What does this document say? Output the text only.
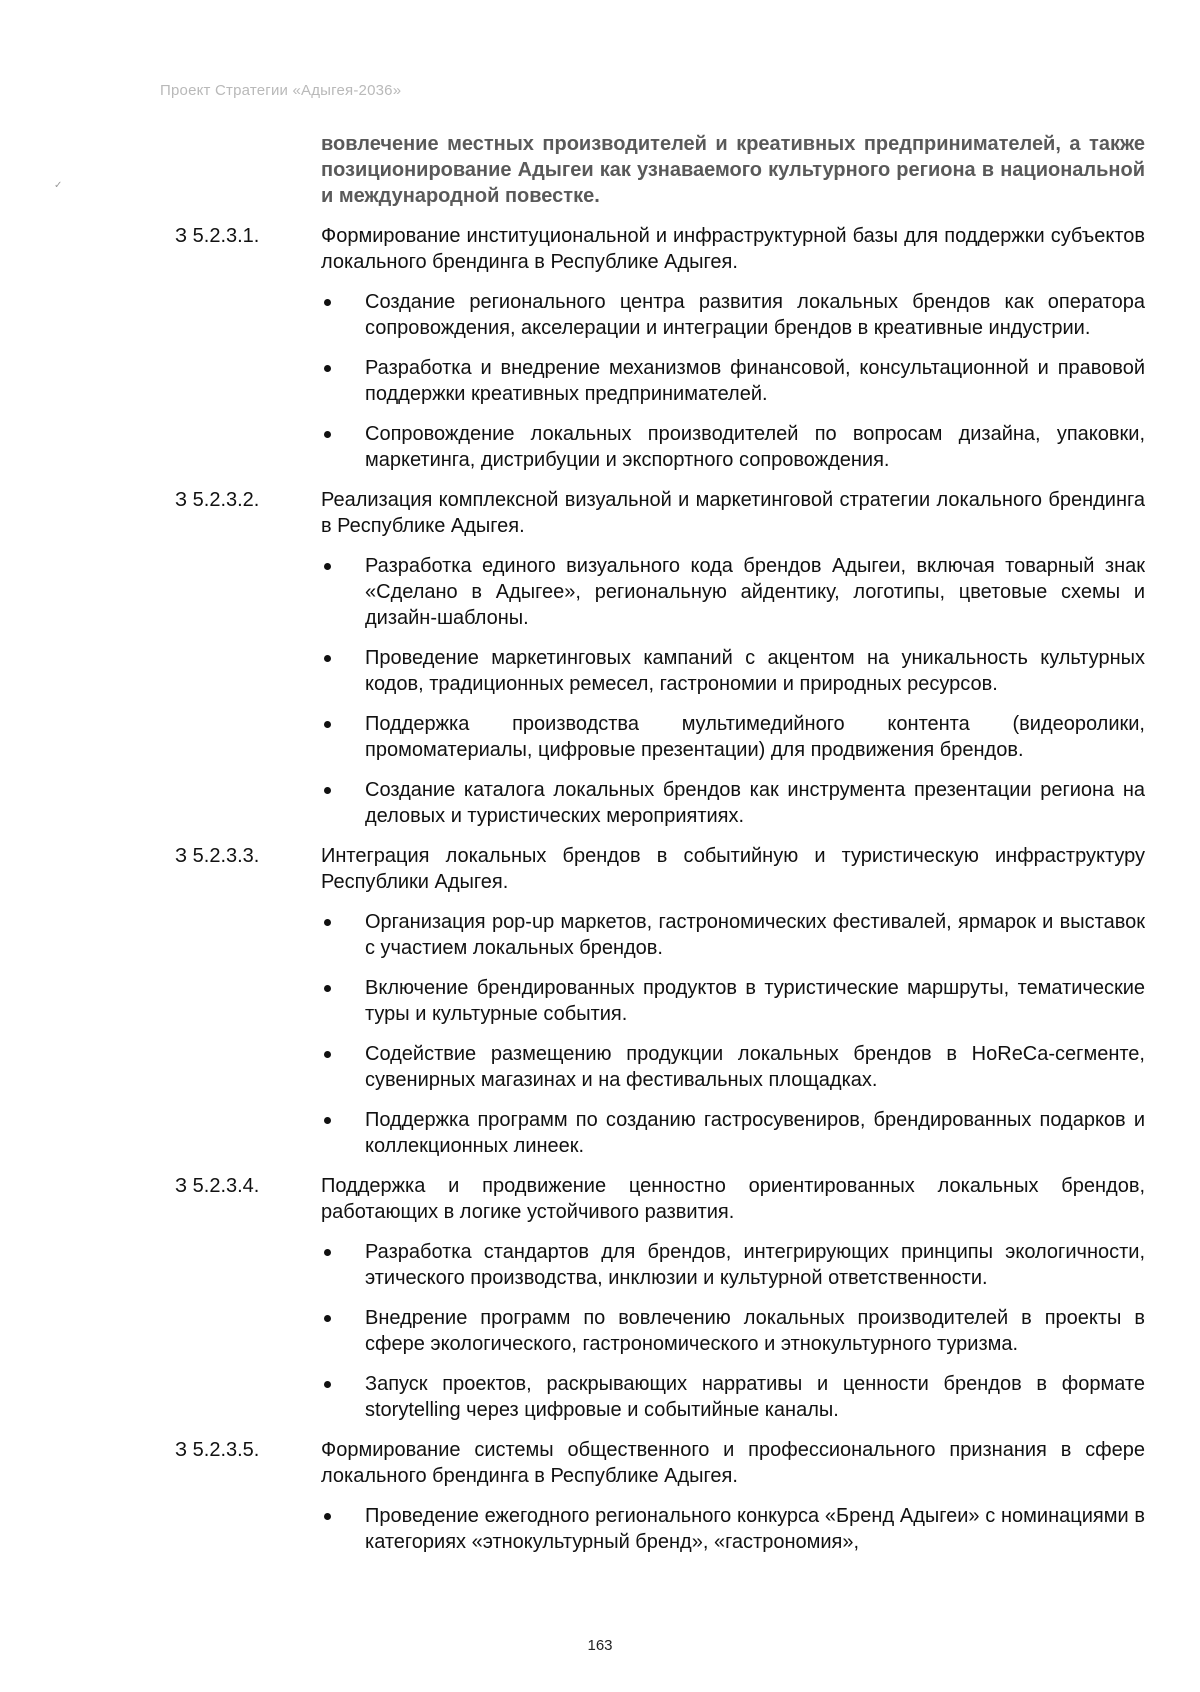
Проект Стратегии «Адыгея-2036»
✓
вовлечение местных производителей и креативных предпринимателей, а также позиционирование Адыгеи как узнаваемого культурного региона в национальной и международной повестке.
З 5.2.3.1.	Формирование институциональной и инфраструктурной базы для поддержки субъектов локального брендинга в Республике Адыгея.
Создание регионального центра развития локальных брендов как оператора сопровождения, акселерации и интеграции брендов в креативные индустрии.
Разработка и внедрение механизмов финансовой, консультационной и правовой поддержки креативных предпринимателей.
Сопровождение локальных производителей по вопросам дизайна, упаковки, маркетинга, дистрибуции и экспортного сопровождения.
З 5.2.3.2.	Реализация комплексной визуальной и маркетинговой стратегии локального брендинга в Республике Адыгея.
Разработка единого визуального кода брендов Адыгеи, включая товарный знак «Сделано в Адыгее», региональную айдентику, логотипы, цветовые схемы и дизайн-шаблоны.
Проведение маркетинговых кампаний с акцентом на уникальность культурных кодов, традиционных ремесел, гастрономии и природных ресурсов.
Поддержка производства мультимедийного контента (видеоролики, промоматериалы, цифровые презентации) для продвижения брендов.
Создание каталога локальных брендов как инструмента презентации региона на деловых и туристических мероприятиях.
З 5.2.3.3.	Интеграция локальных брендов в событийную и туристическую инфраструктуру Республики Адыгея.
Организация pop-up маркетов, гастрономических фестивалей, ярмарок и выставок с участием локальных брендов.
Включение брендированных продуктов в туристические маршруты, тематические туры и культурные события.
Содействие размещению продукции локальных брендов в HoReCa-сегменте, сувенирных магазинах и на фестивальных площадках.
Поддержка программ по созданию гастросувениров, брендированных подарков и коллекционных линеек.
З 5.2.3.4.	Поддержка и продвижение ценностно ориентированных локальных брендов, работающих в логике устойчивого развития.
Разработка стандартов для брендов, интегрирующих принципы экологичности, этического производства, инклюзии и культурной ответственности.
Внедрение программ по вовлечению локальных производителей в проекты в сфере экологического, гастрономического и этнокультурного туризма.
Запуск проектов, раскрывающих нарративы и ценности брендов в формате storytelling через цифровые и событийные каналы.
З 5.2.3.5.	Формирование системы общественного и профессионального признания в сфере локального брендинга в Республике Адыгея.
Проведение ежегодного регионального конкурса «Бренд Адыгеи» с номинациями в категориях «этнокультурный бренд», «гастрономия»,
163
